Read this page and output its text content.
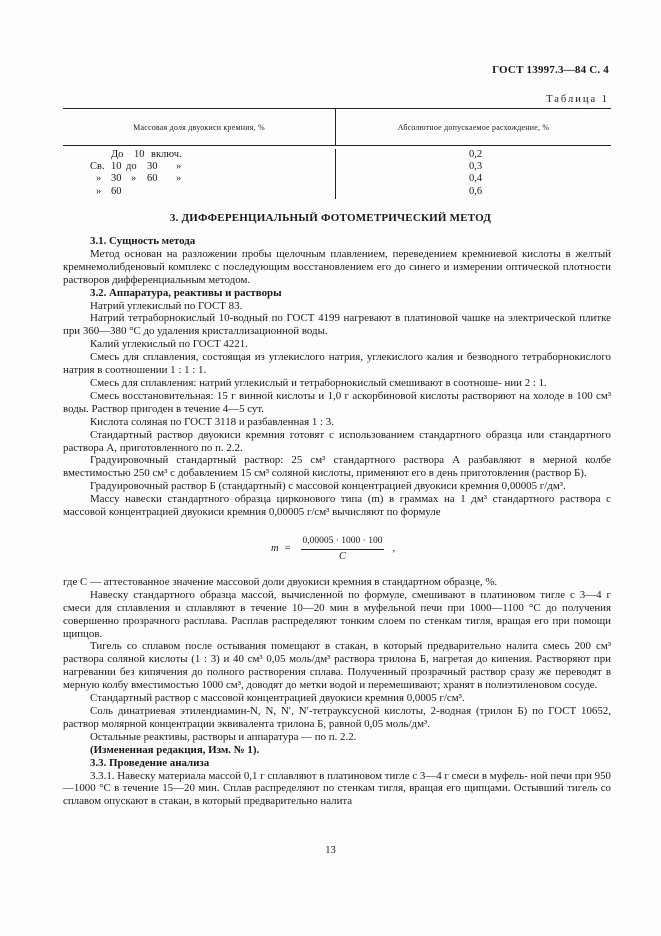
ГОСТ 13997.3—84 С. 4
Таблица 1
Массовая доля двуокиси кремния, %	Абсолютное допускаемое расхождение, %
До 10 включ.
Св. 10 до 30 »
» 30 » 60 »
» 60
0,2
0,3
0,4
0,6
3. ДИФФЕРЕНЦИАЛЬНЫЙ ФОТОМЕТРИЧЕСКИЙ МЕТОД

3.1. Сущность метода

Метод основан на разложении пробы щелочным плавлением, переведением кремниевой кислоты в желтый кремнемолибденовый комплекс с последующим восстановлением его до синего и измерении оптической плотности растворов дифференциальным методом.

3.2. Аппаратура, реактивы и растворы

Натрий углекислый по ГОСТ 83.

Натрий тетраборнокислый 10-водный по ГОСТ 4199 нагревают в платиновой чашке на электрической плитке при 360—380 °С до удаления кристаллизационной воды.

Калий углекислый по ГОСТ 4221.

Смесь для сплавления, состоящая из углекислого натрия, углекислого калия и безводного тетраборнокислого натрия в соотношении 1 : 1 : 1.

Смесь для сплавления: натрий углекислый и тетраборнокислый смешивают в соотноше- нии 2 : 1.

Смесь восстановительная: 15 г винной кислоты и 1,0 г аскорбиновой кислоты растворяют на холоде в 100 см³ воды. Раствор пригоден в течение 4—5 сут.

Кислота соляная по ГОСТ 3118 и разбавленная 1 : 3.

Стандартный раствор двуокиси кремния готовят с использованием стандартного образца или стандартного раствора А, приготовленного по п. 2.2.

Градуировочный стандартный раствор: 25 см³ стандартного раствора А разбавляют в мерной колбе вместимостью 250 см³ с добавлением 15 см³ соляной кислоты, применяют его в день приготовления (раствор Б).

Градуировочный раствор Б (стандартный) с массовой концентрацией двуокиси кремния 0,00005 г/дм³.

Массу навески стандартного образца цирконового типа (m) в граммах на 1 дм³ стандартного раствора с массовой концентрацией двуокиси кремния 0,00005 г/см³ вычисляют по формуле

$m = \frac{0,00005 \cdot 1000 \cdot 100}{C}$ ,

где C — аттестованное значение массовой доли двуокиси кремния в стандартном образце, %.

Навеску стандартного образца массой, вычисленной по формуле, смешивают в платиновом тигле с 3—4 г смеси для сплавления и сплавляют в течение 10—20 мин в муфельной печи при 1000—1100 °С до получения совершенно прозрачного расплава. Расплав распределяют тонким слоем по стенкам тигля, вращая его при помощи щипцов.

Тигель со сплавом после остывания помещают в стакан, в который предварительно налита смесь 200 см³ раствора соляной кислоты (1 : 3) и 40 см³ 0,05 моль/дм³ раствора трилона Б, нагретая до кипения. Растворяют при нагревании без кипячения до полного растворения сплава. Полученный прозрачный раствор сразу же переводят в мерную колбу вместимостью 1000 см³, доводят до метки водой и перемешивают; хранят в полиэтиленовом сосуде.

Стандартный раствор с массовой концентрацией двуокиси кремния 0,0005 г/см³.

Соль динатриевая этилендиамин-N, N, N′, N′-тетрауксусной кислоты, 2-водная (трилон Б) по ГОСТ 10652, раствор молярной концентрации эквивалента трилона Б, равной 0,05 моль/дм³.

Остальные реактивы, растворы и аппаратура — по п. 2.2.

(Измененная редакция, Изм. № 1).

3.3. Проведение анализа

3.3.1. Навеску материала массой 0,1 г сплавляют в платиновом тигле с 3—4 г смеси в муфель- ной печи при 950—1000 °С в течение 15—20 мин. Сплав распределяют по стенкам тигля, вращая его щипцами. Остывший тигель со сплавом опускают в стакан, в который предварительно налита

13
